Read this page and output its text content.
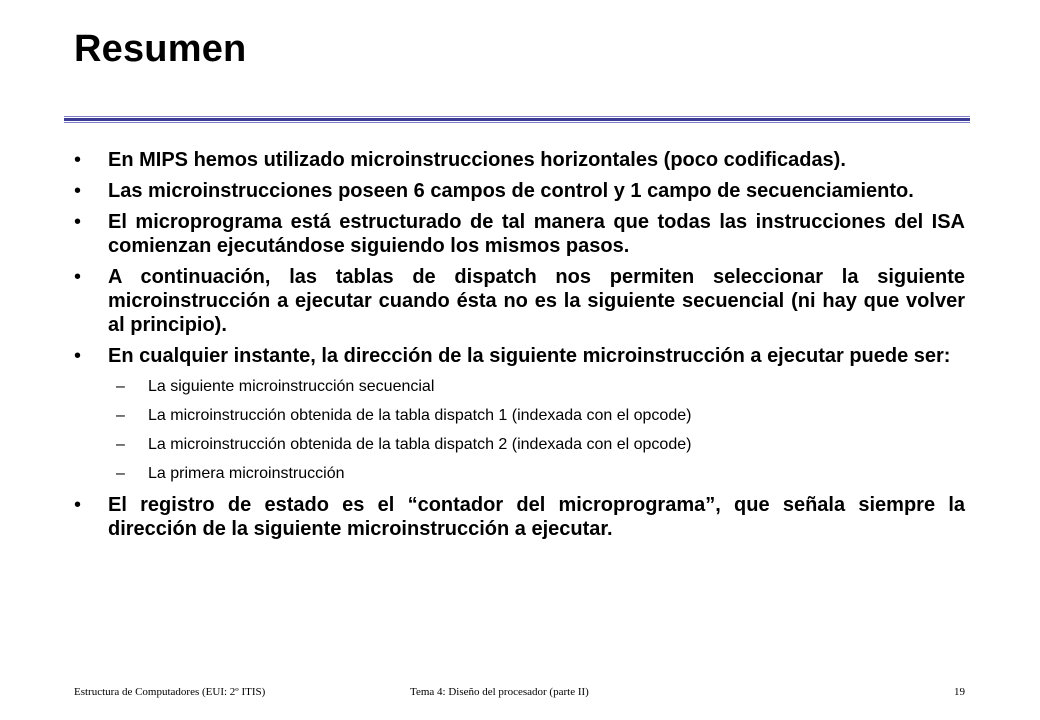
Resumen
• En MIPS hemos utilizado microinstrucciones horizontales (poco codificadas).
• Las microinstrucciones poseen 6 campos de control y 1 campo de secuenciamiento.
• El microprograma está estructurado de tal manera que todas las instrucciones del ISA comienzan ejecutándose siguiendo los mismos pasos.
• A continuación, las tablas de dispatch nos permiten seleccionar la siguiente microinstrucción a ejecutar cuando ésta no es la siguiente secuencial (ni hay que volver al principio).
• En cualquier instante, la dirección de la siguiente microinstrucción a ejecutar puede ser:
– La siguiente microinstrucción secuencial
– La microinstrucción obtenida de la tabla dispatch 1 (indexada con el opcode)
– La microinstrucción obtenida de la tabla dispatch 2 (indexada con el opcode)
– La primera microinstrucción
• El registro de estado es el “contador del microprograma”, que señala siempre la dirección de la siguiente microinstrucción a ejecutar.
Estructura de Computadores (EUI: 2º ITIS)	Tema 4: Diseño del procesador (parte II)	19
